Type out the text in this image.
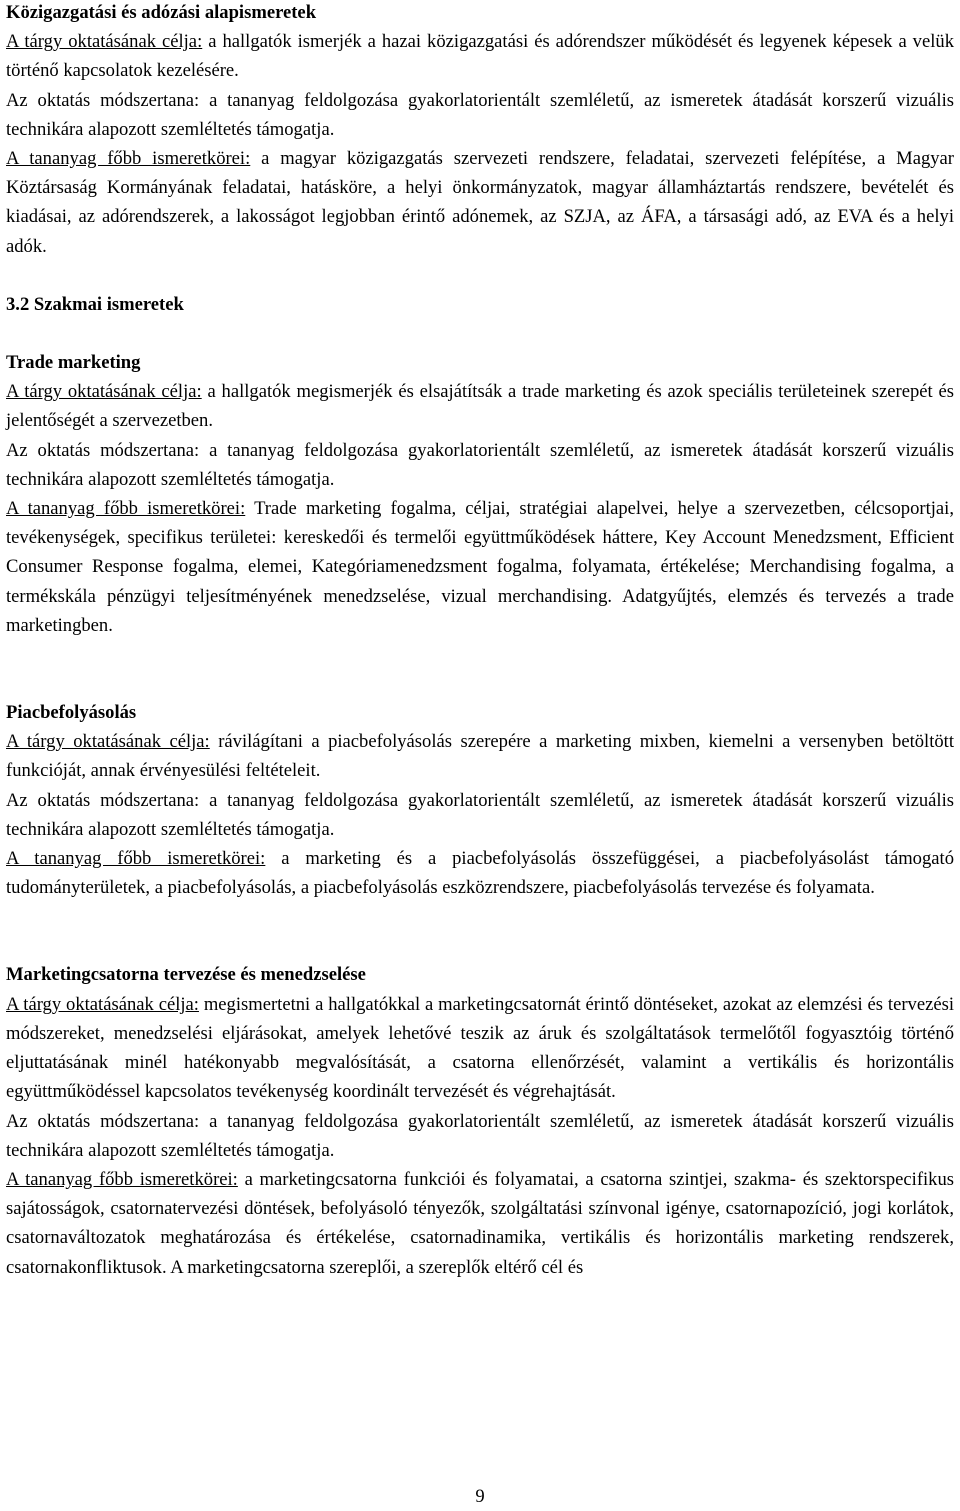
Közigazgatási és adózási alapismeretek

A tárgy oktatásának célja: a hallgatók ismerjék a hazai közigazgatási és adórendszer működését és legyenek képesek a velük történő kapcsolatok kezelésére.

Az oktatás módszertana: a tananyag feldolgozása gyakorlatorientált szemléletű, az ismeretek átadását korszerű vizuális technikára alapozott szemléltetés támogatja.

A tananyag főbb ismeretkörei: a magyar közigazgatás szervezeti rendszere, feladatai, szervezeti felépítése, a Magyar Köztársaság Kormányának feladatai, hatásköre, a helyi önkormányzatok, magyar államháztartás rendszere, bevételét és kiadásai, az adórendszerek, a lakosságot legjobban érintő adónemek, az SZJA, az ÁFA, a társasági adó, az EVA és a helyi adók.

3.2 Szakmai ismeretek

Trade marketing

A tárgy oktatásának célja: a hallgatók megismerjék és elsajátítsák a trade marketing és azok speciális területeinek szerepét és jelentőségét a szervezetben.

Az oktatás módszertana: a tananyag feldolgozása gyakorlatorientált szemléletű, az ismeretek átadását korszerű vizuális technikára alapozott szemléltetés támogatja.

A tananyag főbb ismeretkörei: Trade marketing fogalma, céljai, stratégiai alapelvei, helye a szervezetben, célcsoportjai, tevékenységek, specifikus területei: kereskedői és termelői együttműködések háttere, Key Account Menedzsment, Efficient Consumer Response fogalma, elemei, Kategóriamenedzsment fogalma, folyamata, értékelése; Merchandising fogalma, a termékskála pénzügyi teljesítményének menedzselése, vizual merchandising. Adatgyűjtés, elemzés és tervezés a trade marketingben.

Piacbefolyásolás

A tárgy oktatásának célja: rávilágítani a piacbefolyásolás szerepére a marketing mixben, kiemelni a versenyben betöltött funkcióját, annak érvényesülési feltételeit.

Az oktatás módszertana: a tananyag feldolgozása gyakorlatorientált szemléletű, az ismeretek átadását korszerű vizuális technikára alapozott szemléltetés támogatja.

A tananyag főbb ismeretkörei: a marketing és a piacbefolyásolás összefüggései, a piacbefolyásolást támogató tudományterületek, a piacbefolyásolás, a piacbefolyásolás eszközrendszere, piacbefolyásolás tervezése és folyamata.

Marketingcsatorna tervezése és menedzselése

A tárgy oktatásának célja: megismertetni a hallgatókkal a marketingcsatornát érintő döntéseket, azokat az elemzési és tervezési módszereket, menedzselési eljárásokat, amelyek lehetővé teszik az áruk és szolgáltatások termelőtől fogyasztóig történő eljuttatásának minél hatékonyabb megvalósítását, a csatorna ellenőrzését, valamint a vertikális és horizontális együttműködéssel kapcsolatos tevékenység koordinált tervezését és végrehajtását.

Az oktatás módszertana: a tananyag feldolgozása gyakorlatorientált szemléletű, az ismeretek átadását korszerű vizuális technikára alapozott szemléltetés támogatja.

A tananyag főbb ismeretkörei: a marketingcsatorna funkciói és folyamatai, a csatorna szintjei, szakma- és szektorspecifikus sajátosságok, csatornatervezési döntések, befolyásoló tényezők, szolgáltatási színvonal igénye, csatornapozíció, jogi korlátok, csatornaváltozatok meghatározása és értékelése, csatornadinamika, vertikális és horizontális marketing rendszerek, csatornakonfliktusok. A marketingcsatorna szereplői, a szereplők eltérő cél és

9
